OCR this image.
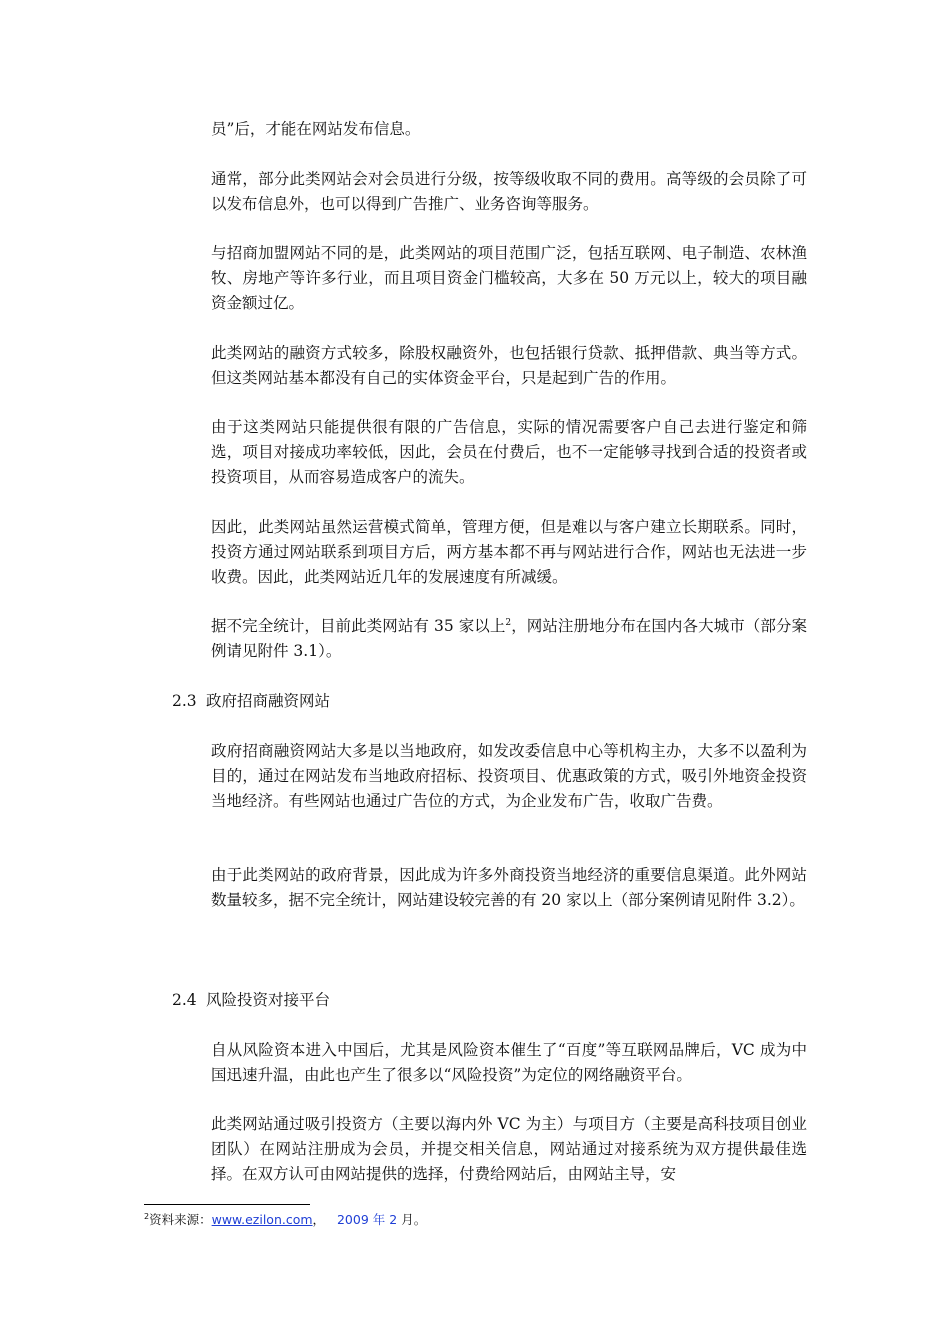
员”后，才能在网站发布信息。

通常，部分此类网站会对会员进行分级，按等级收取不同的费用。高等级的会员除了可以发布信息外，也可以得到广告推广、业务咨询等服务。

与招商加盟网站不同的是，此类网站的项目范围广泛，包括互联网、电子制造、农林渔牧、房地产等许多行业，而且项目资金门槛较高，大多在 50 万元以上，较大的项目融资金额过亿。

此类网站的融资方式较多，除股权融资外，也包括银行贷款、抵押借款、典当等方式。但这类网站基本都没有自己的实体资金平台，只是起到广告的作用。

由于这类网站只能提供很有限的广告信息，实际的情况需要客户自己去进行鉴定和筛选，项目对接成功率较低，因此，会员在付费后，也不一定能够寻找到合适的投资者或投资项目，从而容易造成客户的流失。

因此，此类网站虽然运营模式简单，管理方便，但是难以与客户建立长期联系。同时，投资方通过网站联系到项目方后，两方基本都不再与网站进行合作，网站也无法进一步收费。因此，此类网站近几年的发展速度有所减缓。

据不完全统计，目前此类网站有 35 家以上$^2$，网站注册地分布在国内各大城市（部分案例请见附件 3.1）。

2.3 政府招商融资网站

政府招商融资网站大多是以当地政府，如发改委信息中心等机构主办，大多不以盈利为目的，通过在网站发布当地政府招标、投资项目、优惠政策的方式，吸引外地资金投资当地经济。有些网站也通过广告位的方式，为企业发布广告，收取广告费。

由于此类网站的政府背景，因此成为许多外商投资当地经济的重要信息渠道。此外网站数量较多，据不完全统计，网站建设较完善的有 20 家以上（部分案例请见附件 3.2）。

2.4 风险投资对接平台

自从风险资本进入中国后，尤其是风险资本催生了“百度”等互联网品牌后，VC 成为中国迅速升温，由此也产生了很多以“风险投资”为定位的网络融资平台。

此类网站通过吸引投资方（主要以海内外 VC 为主）与项目方（主要是高科技项目创业团队）在网站注册成为会员，并提交相关信息，网站通过对接系统为双方提供最佳选择。在双方认可由网站提供的选择，付费给网站后，由网站主导，安

$^2$资料来源：www.ezilon.com， 2009 年 2 月。
